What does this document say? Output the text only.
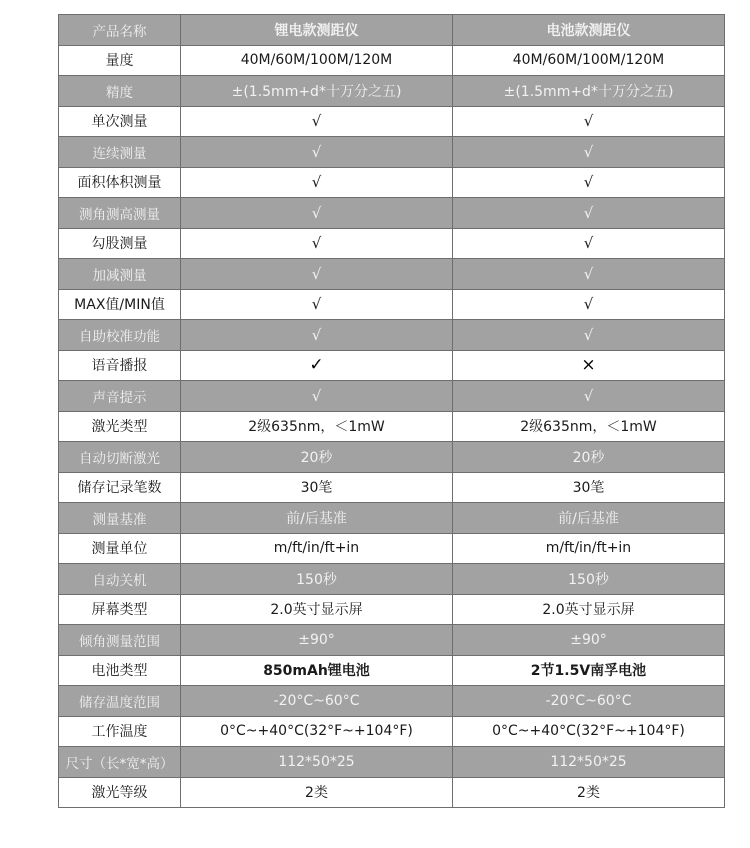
产品名称	锂电款测距仪	电池款测距仪
量度	40M/60M/100M/120M	40M/60M/100M/120M
精度	±(1.5mm+d*十万分之五)	±(1.5mm+d*十万分之五)
单次测量	√	√
连续测量	√	√
面积体积测量	√	√
测角测高测量	√	√
勾股测量	√	√
加减测量	√	√
MAX值/MIN值	√	√
自助校准功能	√	√
语音播报	✓	×
声音提示	√	√
激光类型	2级635nm，＜1mW	2级635nm，＜1mW
自动切断激光	20秒	20秒
储存记录笔数	30笔	30笔
测量基准	前/后基准	前/后基准
测量单位	m/ft/in/ft+in	m/ft/in/ft+in
自动关机	150秒	150秒
屏幕类型	2.0英寸显示屏	2.0英寸显示屏
倾角测量范围	±90°	±90°
电池类型	850mAh锂电池	2节1.5V南孚电池
储存温度范围	-20°C~60°C	-20°C~60°C
工作温度	0°C~+40°C(32°F~+104°F)	0°C~+40°C(32°F~+104°F)
尺寸（长*宽*高）	112*50*25	112*50*25
激光等级	2类	2类
